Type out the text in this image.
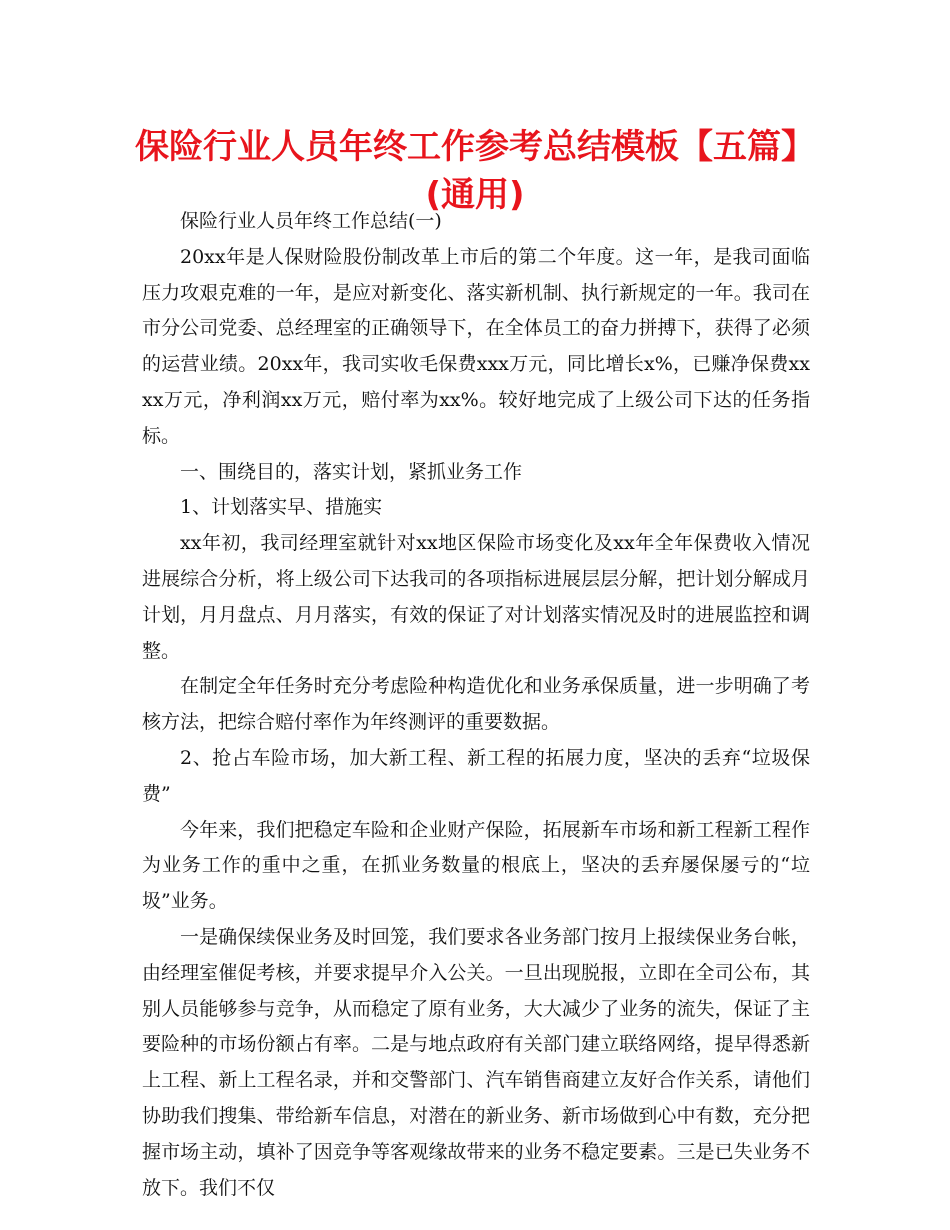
保险行业人员年终工作参考总结模板【五篇】
(通用)

保险行业人员年终工作总结(一)

20xx年是人保财险股份制改革上市后的第二个年度。这一年，是我司面临压力攻艰克难的一年，是应对新变化、落实新机制、执行新规定的一年。我司在市分公司党委、总经理室的正确领导下，在全体员工的奋力拼搏下，获得了必须的运营业绩。20xx年，我司实收毛保费xxx万元，同比增长x%，已赚净保费xxxx万元，净利润xx万元，赔付率为xx%。较好地完成了上级公司下达的任务指标。

一、围绕目的，落实计划，紧抓业务工作

1、计划落实早、措施实

xx年初，我司经理室就针对xx地区保险市场变化及xx年全年保费收入情况进展综合分析，将上级公司下达我司的各项指标进展层层分解，把计划分解成月计划，月月盘点、月月落实，有效的保证了对计划落实情况及时的进展监控和调整。

在制定全年任务时充分考虑险种构造优化和业务承保质量，进一步明确了考核方法，把综合赔付率作为年终测评的重要数据。

2、抢占车险市场，加大新工程、新工程的拓展力度，坚决的丢弃“垃圾保费”

今年来，我们把稳定车险和企业财产保险，拓展新车市场和新工程新工程作为业务工作的重中之重，在抓业务数量的根底上，坚决的丢弃屡保屡亏的“垃圾”业务。

一是确保续保业务及时回笼，我们要求各业务部门按月上报续保业务台帐，由经理室催促考核，并要求提早介入公关。一旦出现脱报，立即在全司公布，其别人员能够参与竞争，从而稳定了原有业务，大大减少了业务的流失，保证了主要险种的市场份额占有率。二是与地点政府有关部门建立联络网络，提早得悉新上工程、新上工程名录，并和交警部门、汽车销售商建立友好合作关系，请他们协助我们搜集、带给新车信息，对潜在的新业务、新市场做到心中有数，充分把握市场主动，填补了因竞争等客观缘故带来的业务不稳定要素。三是已失业务不放下。我们不仅
